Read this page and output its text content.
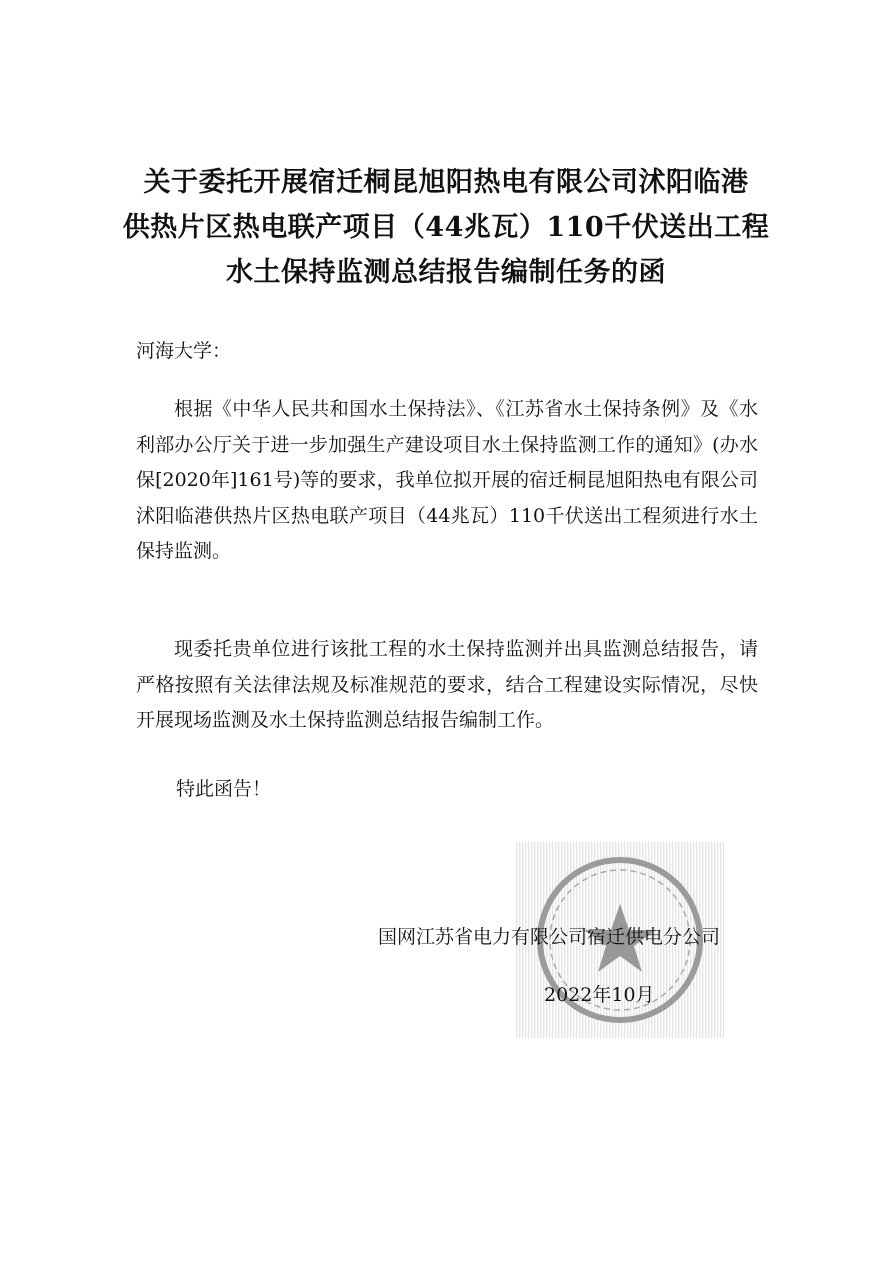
关于委托开展宿迁桐昆旭阳热电有限公司沭阳临港
供热片区热电联产项目（44兆瓦）110千伏送出工程
水土保持监测总结报告编制任务的函
河海大学：
根据《中华人民共和国水土保持法》、《江苏省水土保持条例》及《水利部办公厅关于进一步加强生产建设项目水土保持监测工作的通知》(办水保[2020年]161号)等的要求，我单位拟开展的宿迁桐昆旭阳热电有限公司沭阳临港供热片区热电联产项目（44兆瓦）110千伏送出工程须进行水土保持监测。
现委托贵单位进行该批工程的水土保持监测并出具监测总结报告，请严格按照有关法律法规及标准规范的要求，结合工程建设实际情况，尽快开展现场监测及水土保持监测总结报告编制工作。
特此函告！
国网江苏省电力有限公司宿迁供电分公司
2022年10月
